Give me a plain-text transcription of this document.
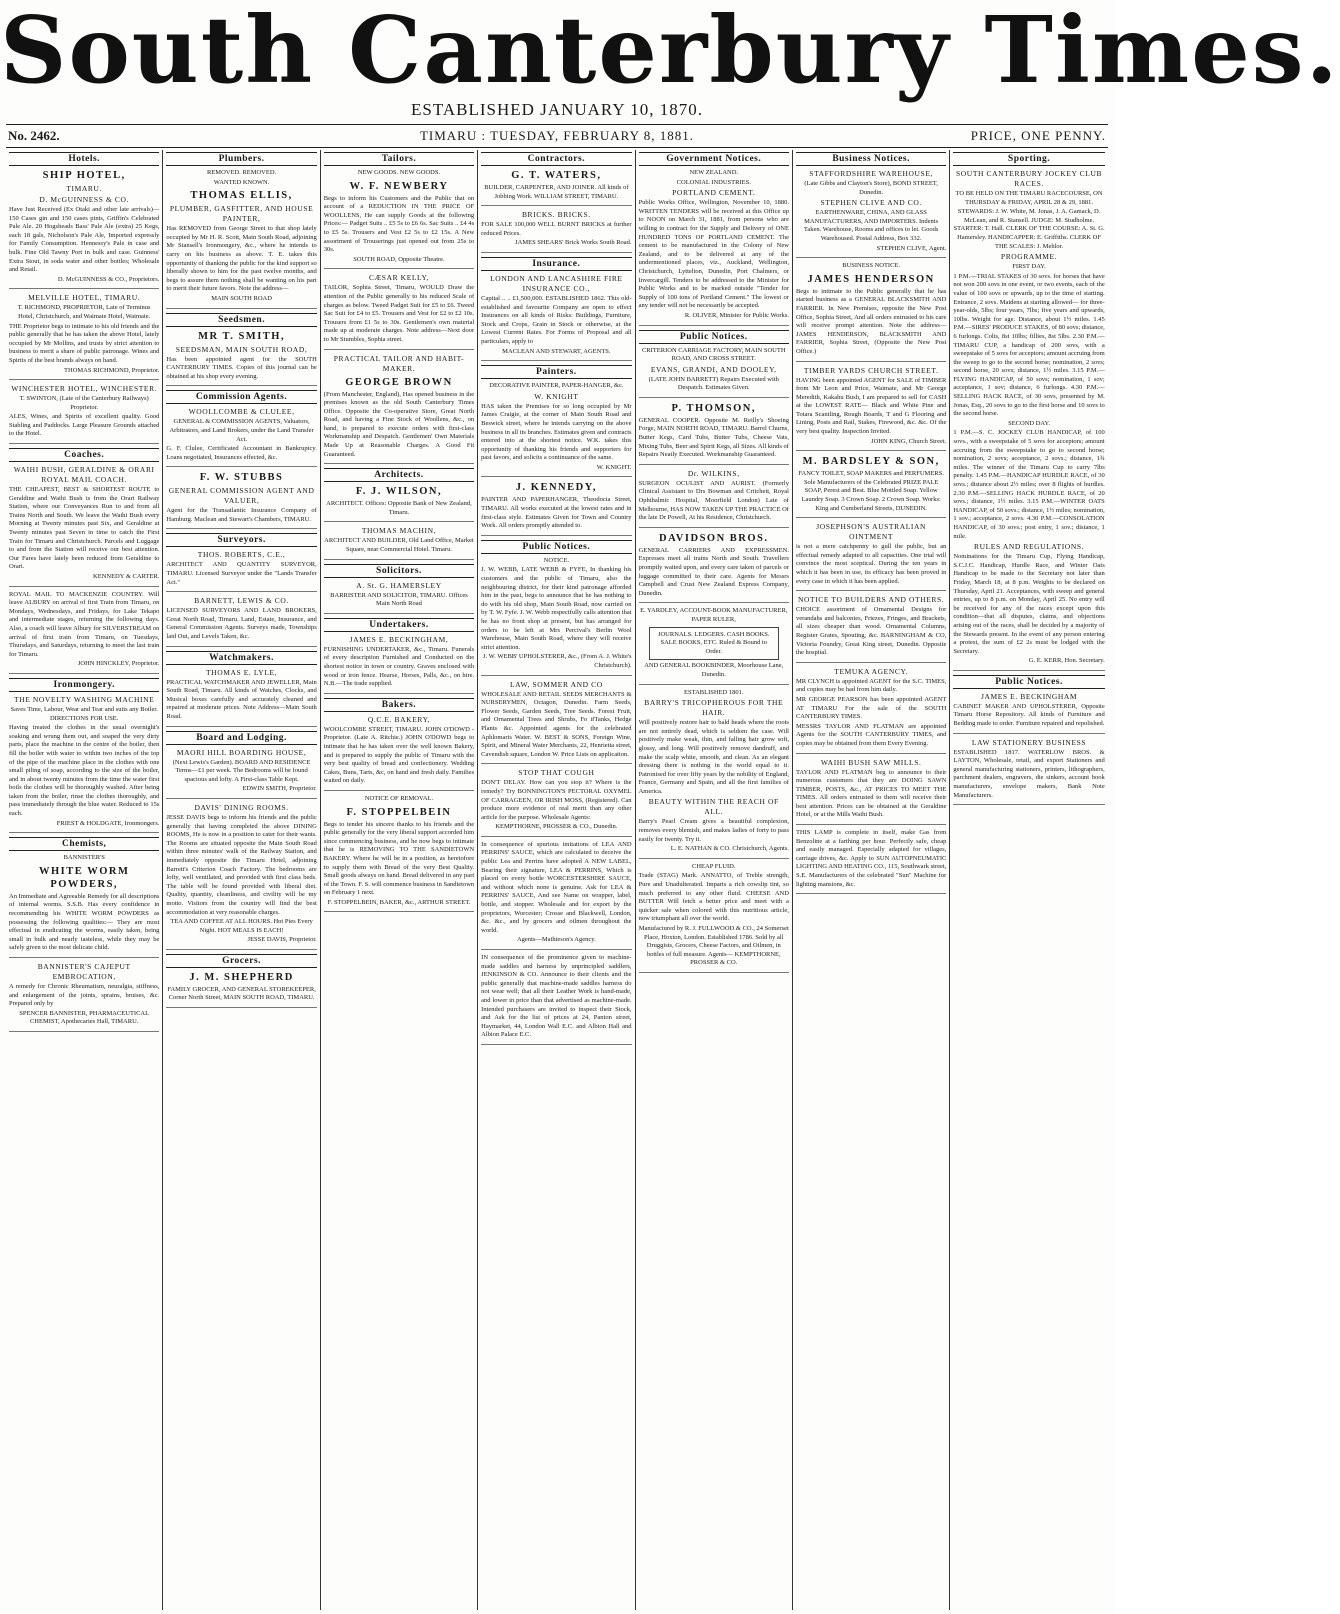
South Canterbury Times.
ESTABLISHED JANUARY 10, 1870.
No. 2462.	TIMARU : TUESDAY, FEBRUARY 8, 1881.	PRICE, ONE PENNY.
Hotels.
SHIP HOTEL,
TIMARU.
D. McGUINNESS & CO.

Have Just Received (Ex Otaki and other late arrivals)— 150 Cases gin and 150 cases pints, Griffin's Celebrated Pale Ale. 20 Hogsheads Bass' Pale Ale (extra) 25 Kegs, each 18 gals, Nicholson's Pale Ale, Imported expressly for Family Consumption. Hennessy's Pale in case and bulk. Fine Old Tawny Port in bulk and case. Guinness' Extra Stout, in soda water and other bottles; Wholesale and Retail.

D. McGUINNESS & CO., Proprietors.

MELVILLE HOTEL, TIMARU.

T. RICHMOND, PROPRIETOR, Late of Terminus Hotel, Christchurch, and Waimate Hotel, Waimate.

THE Proprietor begs to intimate to his old friends and the public generally that he has taken the above Hotel, lately occupied by Mr Mollins, and trusts by strict attention to business to merit a share of public patronage. Wines and Spirits of the best brands always on hand.

THOMAS RICHMOND, Proprietor.

WINCHESTER HOTEL, WINCHESTER.

T. SWINTON, (Late of the Canterbury Railways) Proprietor.

ALES, Wines, and Spirits of excellent quality. Good Stabling and Paddocks. Large Pleasure Grounds attached to the Hotel.

Coaches.
WAIHI BUSH, GERALDINE & ORARI ROYAL MAIL COACH.

THE CHEAPEST, BEST & SHORTEST ROUTE to Geraldine and Waihi Bush is from the Orari Railway Station, where our Conveyances Run to and from all Trains North and South. We leave the Waihi Bush every Morning at Twenty minutes past Six, and Geraldine at Twenty minutes past Seven in time to catch the First Train for Timaru and Christchurch. Parcels and Luggage to and from the Station will receive our best attention. Our Fares have lately been reduced from Geraldine to Orari.

KENNEDY & CARTER.

ROYAL MAIL TO MACKENZIE COUNTRY. Will leave ALBURY on arrival of first Train from Timaru, on Mondays, Wednesdays, and Fridays, for Lake Tekapo and intermediate stages, returning the following days. Also, a coach will leave Albury for SILVERSTREAM on arrival of first train from Timaru, on Tuesdays, Thursdays, and Saturdays, returning to meet the last train for Timaru.

JOHN HINCKLEY, Proprietor.

Ironmongery.
THE NOVELTY WASHING MACHINE

Saves Time, Labour, Wear and Tear and suits any Boiler. DIRECTIONS FOR USE.

Having treated the clothes in the usual overnight's soaking and wrung them out, and soaped the very dirty parts, place the machine in the centre of the boiler, then fill the boiler with water to within two inches of the top of the pipe of the machine place in the clothes with one small piling of soap, according to the size of the boiler, and in about twenty minutes from the time the water first boils the clothes will be thoroughly washed. After being taken from the boiler, rinse the clothes thoroughly, and pass immediately through the blue water. Reduced to 15s each.

FRIEST & HOLDGATE, Ironmongers.

Chemists,

BANNISTER'S

WHITE WORM POWDERS,

An Immediate and Agreeable Remedy for all descriptions of internal worms. S.S.B. Has every confidence in recommending his WHITE WORM POWDERS as possessing the following qualities:— They are most effectual in eradicating the worms, easily taken, being small in bulk and nearly tasteless, while they may be safely given to the most delicate child.

BANNISTER'S CAJEPUT EMBROCATION,

A remedy for Chronic Rheumatism, neuralgia, stiffness, and enlargement of the joints, sprains, bruises, &c. Prepared only by

SPENCER BANNISTER, PHARMACEUTICAL CHEMIST, Apothecaries Hall, TIMARU.

Plumbers.

REMOVED. REMOVED.

WANTED KNOWN.

THOMAS ELLIS,
PLUMBER, GASFITTER, AND HOUSE PAINTER,

Has REMOVED from George Street to that shop lately occupied by Mr H. R. Scott, Main South Road, adjoining Mr Stansell's Ironmongery, &c., where he intends to carry on his business as above. T. E. takes this opportunity of thanking the public for the kind support so liberally shown to him for the past twelve months, and begs to assure them nothing shall be wanting on his part to merit their future favors. Note the address—

MAIN SOUTH ROAD

Seedsmen.
MR T. SMITH,
SEEDSMAN, MAIN SOUTH ROAD,

Has been appointed agent for the SOUTH CANTERBURY TIMES. Copies of this journal can be obtained at his shop every evening.

Commission Agents.
WOOLLCOMBE & CLULEE,

GENERAL & COMMISSION AGENTS, Valuators, Arbitrators, and Land Brokers, under the Land Transfer Act.

G. F. Clulee, Certificated Accountant in Bankruptcy. Loans negotiated, Insurances effected, &c.

F. W. STUBBS
GENERAL COMMISSION AGENT AND VALUER,

Agent for the Transatlantic Insurance Company of Hamburg. Maclean and Stewart's Chambers, TIMARU.

Surveyors.
THOS. ROBERTS, C.E.,

ARCHITECT AND QUANTITY SURVEYOR, TIMARU. Licensed Surveyor under the "Lands Transfer Act."

BARNETT, LEWIS & CO.

LICENSED SURVEYORS AND LAND BROKERS, Great North Road, Timaru. Land, Estate, Insurance, and General Commission Agents. Surveys made, Townships laid Out, and Levels Taken, &c.

Watchmakers.
THOMAS E. LYLE,

PRACTICAL WATCHMAKER AND JEWELLER, Main South Road, Timaru. All kinds of Watches, Clocks, and Musical boxes carefully and accurately cleaned and repaired at moderate prices. Note Address—Main South Road.

Board and Lodging.
MAORI HILL BOARDING HOUSE,

(Next Lewis's Garden). BOARD AND RESIDENCE Terms—£1 per week. The Bedrooms will be found spacious and lofty. A First-class Table Kept.

EDWIN SMITH, Proprietor.

DAVIS' DINING ROOMS.

JESSE DAVIS begs to inform his friends and the public generally that having completed the above DINING ROOMS, He is now in a position to cater for their wants. The Rooms are situated opposite the Main South Road within three minutes' walk of the Railway Station, and immediately opposite the Timaru Hotel, adjoining Barrett's Criterion Coach Factory. The bedrooms are lofty, well ventilated, and provided with first class beds. The table will be found provided with liberal diet. Quality, quantity, cleanliness, and civility will be my motto. Visitors from the country will find the best accommodation at very reasonable charges.

TEA AND COFFEE AT ALL HOURS. Hot Pies Every Night. HOT MEALS IS EACH!

JESSE DAVIS, Proprietor.

Grocers.
J. M. SHEPHERD

FAMILY GROCER, AND GENERAL STOREKEEPER, Corner North Street, MAIN SOUTH ROAD, TIMARU.

Tailors.

NEW GOODS. NEW GOODS.

W. F. NEWBERY

Begs to inform his Customers and the Public that on account of a REDUCTION IN THE PRICE OF WOOLLENS, He can supply Goods at the following Prices:— Padget Suits .. £5 5s to £6 6s. Sac Suits .. £4 4s to £5 5s. Trousers and Vest £2 5s to £2 15s. A New assortment of Trouserings just opened out from 25s to 30s.

SOUTH ROAD, Opposite Theatre.

CÆSAR KELLY,

TAILOR, Sophia Street, Timaru, WOULD Draw the attention of the Public generally to his reduced Scale of charges as below. Tweed Padget Suit for £5 to £6. Tweed Sac Suit for £4 to £5. Trousers and Vest for £2 to £2 10s. Trousers from £1 5s to 30s. Gentlemen's own material made up at moderate charges. Note address—Next door to Mr Stumbles, Sophia street.

PRACTICAL TAILOR AND HABIT-MAKER.
GEORGE BROWN

(From Manchester, England), Has opened business in the premises known as the old South Canterbury Times Office. Opposite the Co-operative Store, Great North Road, and having a Fine Stock of Woollens, &c., on hand, is prepared to execute orders with first-class Workmanship and Despatch. Gentlemen' Own Materials Made Up at Reasonable Charges. A Good Fit Guaranteed.

Architects.
F. J. WILSON,

ARCHITECT. Offices: Opposite Bank of New Zealand, Timaru.

THOMAS MACHIN,

ARCHITECT AND BUILDER, Old Land Office, Market Square, near Commercial Hotel. Timaru.

Solicitors.
A. St. G. HAMERSLEY

BARRISTER AND SOLICITOR, TIMARU. Offices Main North Road

Undertakers.
JAMES E. BECKINGHAM,

FURNISHING UNDERTAKER, &c., Timaru. Funerals of every description Furnished and Conducted on the shortest notice in town or country. Graves enclosed with wood or iron fence. Hearse, Horses, Palls, &c., on hire. N.B.—The trade supplied.

Bakers.
Q.C.E. BAKERY,

WOOLCOMBE STREET, TIMARU. JOHN O'DOWD - Proprietor. (Late A. Ritchie.) JOHN O'DOWD begs to intimate that he has taken over the well known Bakery, and is prepared to supply the public of Timaru with the very best quality of bread and confectionery. Wedding Cakes, Buns, Tarts, &c, on hand and fresh daily. Families waited on daily.

NOTICE OF REMOVAL.

F. STOPPELBEIN

Begs to tender his sincere thanks to his friends and the public generally for the very liberal support accorded him since commencing business, and he now begs to intimate that he is REMOVING TO THE SANDIETOWN BAKERY. Where he will be in a position, as heretofore to supply them with Bread of the very Best Quality. Small goods always on hand. Bread delivered in any part of the Town. F. S. will commence business in Sandietown on February 1 next.

F. STOPPELBEIN, BAKER, &c., ARTHUR STREET.

Contractors.
G. T. WATERS,

BUILDER, CARPENTER, AND JOINER. All kinds of Jobbing Work. WILLIAM STREET, TIMARU.

BRICKS. BRICKS.

FOR SALE 100,000 WELL BURNT BRICKS at further reduced Prices.

JAMES SHEARS' Brick Works South Road.

Insurance.
LONDON AND LANCASHIRE FIRE INSURANCE CO.,

Capital .. .. £1,500,000. ESTABLISHED 1862. This old-established and favourite Company are open to effect Insurances on all kinds of Risks: Buildings, Furniture, Stock and Crops, Grain in Stock or otherwise, at the Lowest Current Rates. For Forms of Proposal and all particulars, apply to

MACLEAN AND STEWART, AGENTS.

Painters.

DECORATIVE PAINTER, PAPER-HANGER, &c.

W. KNIGHT

HAS taken the Premises for so long occupied by Mr James Craigie, at the corner of Main South Road and Beswick street, where he intends carrying on the above business in all its branches. Estimates given and contracts entered into at the shortest notice. W.K. takes this opportunity of thanking his friends and supporters for past favors, and solicits a continuance of the same.

W. KNIGHT.

J. KENNEDY,

PAINTER AND PAPERHANGER, Theodocia Street, TIMARU. All works executed at the lowest rates and in first-class style. Estimates Given for Town and Country Work. All orders promptly attended to.

Public Notices.

NOTICE.

J. W. WEBB, LATE WEBB & FYFE, In thanking his customers and the public of Timaru, also the neighbouring district, for their kind patronage afforded him in the past, begs to announce that he has nothing to do with his old shop, Main South Road, now carried on by T. W. Fyfe. J. W. Webb respectfully calls attention that he has no front shop at present, but has arranged for orders to be left at Mrs Percival's Berlin Wool Warehouse, Main South Road, where they will receive strict attention.

J. W. WEBB' UPHOLSTERER, &c., (From A. J. White's Christchurch).

LAW, SOMMER AND CO

WHOLESALE AND RETAIL SEEDS MERCHANTS & NURSERYMEN, Octagon, Dunedin. Farm Seeds, Flower Seeds, Garden Seeds, Tree Seeds. Forest Fruit, and Ornamental Trees and Shrubs, Fo ifTanks, Hedge Plants &c. Appointed agents for the celebrated Aphlomaris Water. W. BEST & SONS, Foreign Wine, Spirit, and Mineral Water Merchants, 22, Henrietta street, Cavendish square, London W. Price Lists on application.

STOP THAT COUGH

DON'T DELAY. How can you stop it? Where is the remedy? Try BONNINGTON'S PECTORAL OXYMEL OF CARRAGEEN, OR IRISH MOSS, (Registered). Can produce more evidence of real merit than any other article for the purpose. Wholesale Agents:

KEMPTHORNE, PROSSER & CO., Dunedin.

In consequence of spurious imitations of LEA AND PERRINS' SAUCE, which are calculated to deceive the public Lea and Perrins have adopted A NEW LABEL, Bearing their signature, LEA & PERRINS, Which is placed on every bottle WORCESTERSHIRE SAUCE, and without which none is genuine. Ask for LEA & PERRINS' SAUCE, And see Name on wrapper, label, bottle, and stopper. Wholesale and for export by the proprietors, Worcester; Crosse and Blackwell, London, &c. &c., and by grocers and oilmen throughout the world.

Agents—Mathieson's Agency.

IN consequence of the prominence given to machine-made saddles and harness by unprincipled saddlers, JENKINSON & CO. Announce to their clients and the public generally that machine-made saddles harness do not wear well; that all their Leather Work is hand-made, and lower in price than that advertised as machine-made. Intended purchasers are invited to inspect their Stock, and Ask for the list of prices at 24, Panton street, Haymarket, 44, London Wall E.C. and Albion Hall and Albion Palace E.C.

Government Notices.

NEW ZEALAND.

COLONIAL INDUSTRIES.

PORTLAND CEMENT.

Public Works Office, Wellington, November 10, 1880. WRITTEN TENDERS will be received at this Office up to NOON on March 31, 1881, from persons who are willing to contract for the Supply and Delivery of ONE HUNDRED TONS OF PORTLAND CEMENT. The cement to be manufactured in the Colony of New Zealand, and to be delivered at any of the undermentioned places, viz., Auckland, Wellington, Christchurch, Lyttelton, Dunedin, Port Chalmers, or Invercargill. Tenders to be addressed to the Minister for Public Works and to be marked outside "Tender for Supply of 100 tons of Portland Cement." The lowest or any tender will not be necessarily be accepted.

R. OLIVER, Minister for Public Works.

Public Notices.

CRITERION CARRIAGE FACTORY, MAIN SOUTH ROAD, AND CROSS STREET.

EVANS, GRANDI, AND DOOLEY,

(LATE JOHN BARRETT) Repairs Executed with Despatch. Estimates Given.

P. THOMSON,

GENERAL COOPER. Opposite M. Reilly's Shoeing Forge, MAIN NORTH ROAD, TIMARU. Barrel Churns, Butter Kegs, Card Tubs, Butter Tubs, Cheese Vats, Mixing Tubs, Beer and Spirit Kegs, all Sizes. All kinds of Repairs Neatly Executed. Workmanship Guaranteed.

Dr. WILKINS,

SURGEON OCULIST AND AURIST. (Formerly Clinical Assistant to Drs Bowman and Critchett, Royal Ophthalmic Hospital, Moorfield London) Late of Melbourne, HAS NOW TAKEN UP THE PRACTICE Of the late Dr Powell, At his Residence, Christchurch.

DAVIDSON BROS.

GENERAL CARRIERS AND EXPRESSMEN. Expresses meet all trains North and South. Travellers promptly waited upon, and every care taken of parcels or luggage committed to their care. Agents for Messrs Campbell and Crust New Zealand Express Company, Dunedin.

E. YARDLEY, ACCOUNT-BOOK MANUFACTURER, PAPER RULER,

JOURNALS. LEDGERS. CASH BOOKS. SALE BOOKS, ETC. Ruled & Bound to Order.

AND GENERAL BOOKBINDER, Moorhouse Lane, Dunedin.

ESTABLISHED 1801.

BARRY'S TRICOPHEROUS FOR THE HAIR.

Will positively restore hair to bald heads where the roots are not entirely dead, which is seldom the case. Will positively make weak, thin, and falling hair grow soft, glossy, and long. Will positively remove dandruff, and make the scalp white, smooth, and clean. As an elegant dressing there is nothing in the world equal to it. Patronised for over fifty years by the nobility of England, France, Germany and Spain, and all the first families of America.

BEAUTY WITHIN THE REACH OF ALL.

Barry's Pearl Cream gives a beautiful complexion, removes every blemish, and makes ladies of forty to pass easily for twenty. Try it.

L. E. NATHAN & CO. Christchurch, Agents.

CHEAP FLUID.

Trade (STAG) Mark. ANNATTO, of Treble strength, Pure and Unadulterated. Imparts a rich cowslip tint, so much preferred to any other fluid. CHEESE AND BUTTER Will fetch a better price and meet with a quicker sale when colored with this nutritious article, now triumphant all over the world.

Manufactured by R. J. FULLWOOD & CO., 24 Somerset Place, Hoxton, London. Established 1786. Sold by all Druggists, Grocers, Cheese Factors, and Oilmen, in bottles of full measure. Agents— KEMPTHORNE, PROSSER & CO.

Business Notices.
STAFFORDSHIRE WAREHOUSE,

(Late Gibbs and Clayton's Store), BOND STREET, Dunedin.

STEPHEN CLIVE AND CO.

EARTHENWARE, CHINA, AND GLASS MANUFACTURERS, AND IMPORTERS. Indents Taken. Warehouse, Rooms and offices to let. Goods Warehoused. Postal Address, Box 332.

STEPHEN CLIVE, Agent.

BUSINESS NOTICE.

JAMES HENDERSON

Begs to intimate to the Public generally that he has started business as a GENERAL BLACKSMITH AND FARRIER. In New Premises, opposite the New Post Office, Sophia Street, And all orders entrusted to his care will receive prompt attention. Note the address— JAMES HENDERSON, BLACKSMITH AND FARRIER, Sophia Street, (Opposite the New Post Office.)

TIMBER YARDS CHURCH STREET.

HAVING been appointed AGENT for SALE of TIMBER from Mr Leon and Price, Waimate, and Mr George Meredith, Kakahu Bush, I am prepared to sell for CASH at the LOWEST RATE— Black and White Pine and Totara Scantling, Rough Boards, T and G Flooring and Lining, Posts and Rail, Stakes, Firewood, &c. &c. Of the very best quality. Inspection Invited.

JOHN KING, Church Street.

M. BARDSLEY & SON,

FANCY TOILET, SOAP MAKERS and PERFUMERS. Sole Manufacturers of the Celebrated PRIZE PALE SOAP, Perest and Best. Blue Mottled Soap. Yellow Laundry Soap. 3 Crown Soap. 2 Crown Soap. Works: King and Cumberland Streets, DUNEDIN.

JOSEPHSON'S AUSTRALIAN OINTMENT

is not a mere catchpenny to gull the public, but an effectual remedy adapted to all capacities. One trial will convince the most sceptical. During the ten years in which it has been in use, its efficacy has been proved in every case in which it has been applied.

NOTICE TO BUILDERS AND OTHERS.

CHOICE assortment of Ornamental Designs for verandahs and balconies, Friezes, Fringes, and Brackets, all sizes cheaper than wood. Ornamental Columns, Register Grates, Spouting, &c. BARNINGHAM & CO, Victoria Foundry, Great King street, Dunedin. Opposite the hospital.

TEMUKA AGENCY.

MR CLYNCH is appointed AGENT for the S.C. TIMES, and copies may be had from him daily.

MR GEORGE PEARSON has been appointed AGENT AT TIMARU For the sale of the SOUTH CANTERBURY TIMES.

MESSRS TAYLOR AND FLATMAN are appointed Agents for the SOUTH CANTERBURY TIMES, and copies may be obtained from them Every Evening.

WAIHI BUSH SAW MILLS.

TAYLOR AND FLATMAN beg to announce to their numerous customers that they are DOING SAWN TIMBER, POSTS, &c., AT PRICES TO MEET THE TIMES. All orders entrusted to them will receive their best attention. Prices can be obtained at the Geraldine Hotel, or at the Mills Waihi Bush.

THIS LAMP is complete in itself, make Gas from Benzoline at a farthing per hour. Perfectly safe, cheap and easily managed. Especially adapted for villages, carriage drives, &c. Apply to SUN AUTOPNEUMATIC LIGHTING AND HEATING CO., 115, Southwark street, S.E. Manufacturers of the celebrated "Sun" Machine for lighting mansions, &c.

Sporting.
SOUTH CANTERBURY JOCKEY CLUB RACES.

TO BE HELD ON THE TIMARU RACECOURSE, ON THURSDAY & FRIDAY, APRIL 28 & 29, 1881.

STEWARDS: J. W. White, M. Jonas, J. A. Gamack, D. McLean, and R. Stansell. JUDGE: M. Studholme. STARTER: T. Hall. CLERK OF THE COURSE: A. St. G. Hamersley. HANDICAPPER: E. Griffiths. CLERK OF THE SCALES: J. Mehlor.

PROGRAMME.

FIRST DAY.

1 P.M.—TRIAL STAKES of 30 sovs. for horses that have not won 200 sovs in one event, or two events, each of the value of 100 sovs or upwards, up to the time of starting. Entrance, 2 sovs. Maidens at starting allowed— for three-year-olds, 5lbs; four years, 7lbs; five years and upwards, 10lbs. Weight for age. Distance, about 1½ miles. 1.45 P.M.—SIRES' PRODUCE STAKES, of 80 sovs; distance, 6 furlongs. Colts, 8st 10lbs; fillies, 8st 5lbs. 2.30 P.M.—TIMARU CUP, a handicap of 200 sovs, with a sweepstake of 5 sovs for acceptors; amount accruing from the sweep to go to the second horse; nomination, 2 sovs; second horse, 20 sovs; distance, 1½ miles. 3.15 P.M.—FLYING HANDICAP, of 50 sovs; nomination, 1 sov; acceptance, 1 sov; distance, 6 furlongs. 4.30 P.M.—SELLING HACK RACE, of 30 sovs, presented by M. Jonas, Esq., 20 sovs to go to the first horse and 10 sovs to the second horse.

SECOND DAY.

1 P.M.—S. C. JOCKEY CLUB HANDICAP, of 100 sovs., with a sweepstake of 5 sovs for acceptors; amount accruing from the sweepstake to go to second horse; nomination, 2 sovs; acceptance, 2 sovs.; distance, 1¾ miles. The winner of the Timaru Cup to carry 7lbs penalty. 1.45 P.M.—HANDICAP HURDLE RACE, of 30 sovs.; distance about 2½ miles; over 8 flights of hurdles. 2.30 P.M.—SELLING HACK HURDLE RACE, of 20 sovs.; distance, 1½ miles. 3.15 P.M.—WINTER OATS HANDICAP, of 50 sovs.; distance, 1½ miles; nomination, 1 sov.; acceptance, 2 sovs. 4.30 P.M.—CONSOLATION HANDICAP, of 30 sovs.; post entry, 1 sov.; distance, 1 mile.

RULES AND REGULATIONS.

Nominations for the Timaru Cup, Flying Handicap, S.C.J.C. Handicap, Hurdle Race, and Winter Oats Handicap to be made to the Secretary not later than Friday, March 18, at 8 p.m. Weights to be declared on Thursday, April 21. Acceptances, with sweep and general entries, up to 8 p.m. on Monday, April 25. No entry will be received for any of the races except upon this condition—that all disputes, claims, and objections arising out of the races, shall be decided by a majority of the Stewards present. In the event of any person entering a protest, the sum of £2 2s must be lodged with the Secretary.

G. E. KERR, Hon. Secretary.

Public Notices.
JAMES E. BECKINGHAM

CABINET MAKER AND UPHOLSTERER, Opposite Timaru Horse Repository. All kinds of Furniture and Bedding made to order. Furniture repaired and repolished.

LAW STATIONERY BUSINESS

ESTABLISHED 1817. WATERLOW BROS. & LAYTON, Wholesale, retail, and export Stationers and general manufacturing stationers, printers, lithographers, parchment dealers, engravers, die sinkers, account book manufacturers, envelope makers, Bank Note Manufacturers.
